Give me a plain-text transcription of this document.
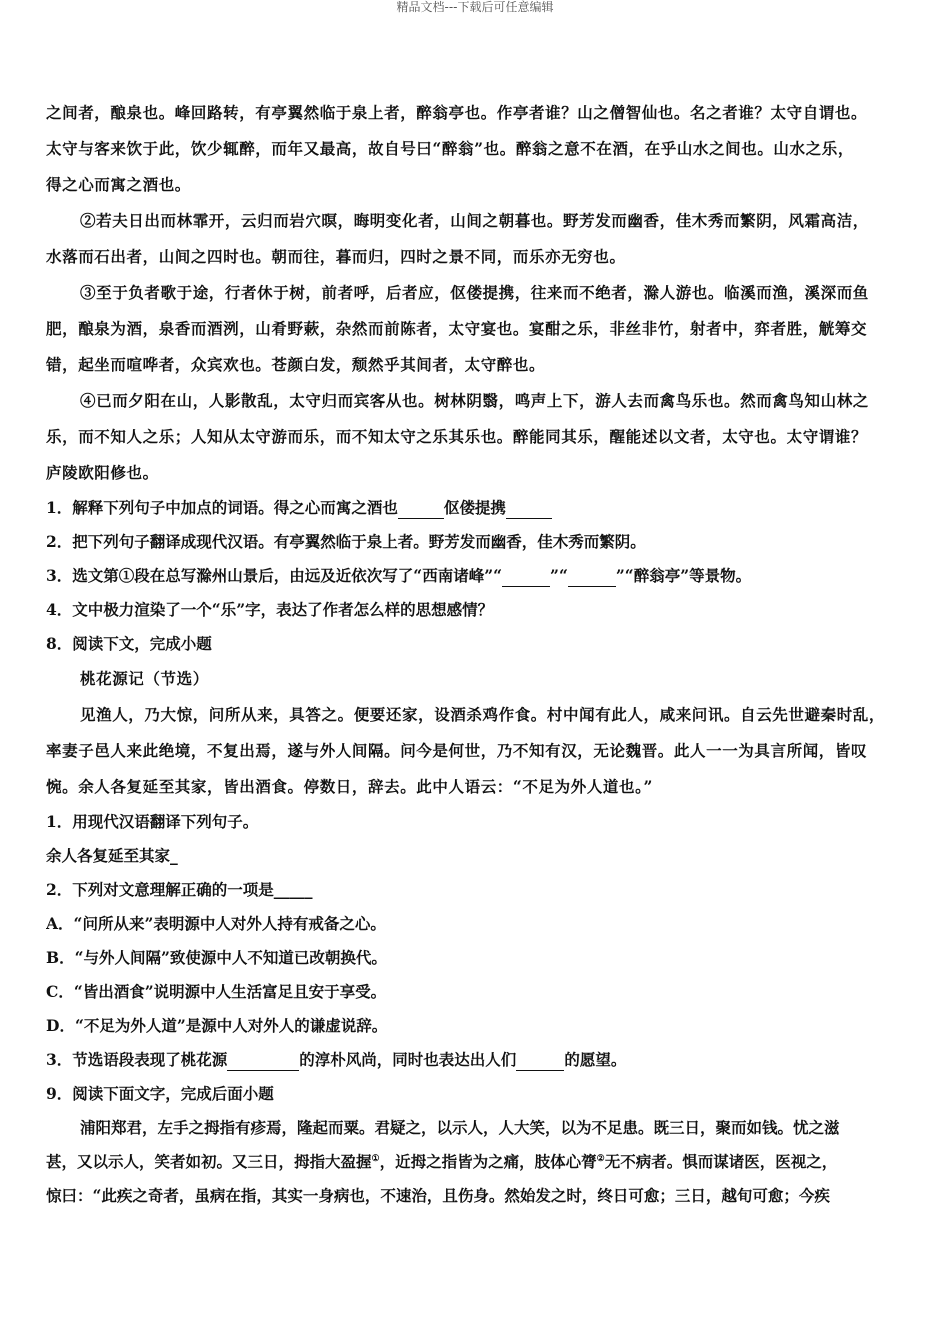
精品文档---下载后可任意编辑
之间者，酿泉也。峰回路转，有亭翼然临于泉上者，醉翁亭也。作亭者谁？山之僧智仙也。名之者谁？太守自谓也。
太守与客来饮于此，饮少辄醉，而年又最高，故自号曰“醉翁”也。醉翁之意不在酒，在乎山水之间也。山水之乐，
得之心而寓之酒也。
②若夫日出而林霏开，云归而岩穴暝，晦明变化者，山间之朝暮也。野芳发而幽香，佳木秀而繁阴，风霜高洁，
水落而石出者，山间之四时也。朝而往，暮而归，四时之景不同，而乐亦无穷也。
③至于负者歌于途，行者休于树，前者呼，后者应，伛偻提携，往来而不绝者，滁人游也。临溪而渔，溪深而鱼
肥，酿泉为酒，泉香而酒洌，山肴野蔌，杂然而前陈者，太守宴也。宴酣之乐，非丝非竹，射者中，弈者胜，觥筹交
错，起坐而喧哗者，众宾欢也。苍颜白发，颓然乎其间者，太守醉也。
④已而夕阳在山，人影散乱，太守归而宾客从也。树林阴翳，鸣声上下，游人去而禽鸟乐也。然而禽鸟知山林之
乐，而不知人之乐；人知从太守游而乐，而不知太守之乐其乐也。醉能同其乐，醒能述以文者，太守也。太守谓谁？
庐陵欧阳修也。
1．解释下列句子中加点的词语。得之心而寓之酒也	伛偻提携
2．把下列句子翻译成现代汉语。有亭翼然临于泉上者。野芳发而幽香，佳木秀而繁阴。
3．选文第①段在总写滁州山景后，由远及近依次写了“西南诸峰”“	”“	”“醉翁亭”等景物。
4．文中极力渲染了一个“乐”字，表达了作者怎么样的思想感情？
8．阅读下文，完成小题
桃花源记（节选）
见渔人，乃大惊，问所从来，具答之。便要还家，设酒杀鸡作食。村中闻有此人，咸来问讯。自云先世避秦时乱，
率妻子邑人来此绝境，不复出焉，遂与外人间隔。问今是何世，乃不知有汉，无论魏晋。此人一一为具言所闻，皆叹
惋。余人各复延至其家，皆出酒食。停数日，辞去。此中人语云：“不足为外人道也。”
1．用现代汉语翻译下列句子。
余人各复延至其家_
2．下列对文意理解正确的一项是_____
A．“问所从来”表明源中人对外人持有戒备之心。
B．“与外人间隔”致使源中人不知道已改朝换代。
C．“皆出酒食”说明源中人生活富足且安于享受。
D．“不足为外人道”是源中人对外人的谦虚说辞。
3．节选语段表现了桃花源	的淳朴风尚，同时也表达出人们	的愿望。
9．阅读下面文字，完成后面小题
浦阳郑君，左手之拇指有疹焉，隆起而粟。君疑之，以示人，人大笑，以为不足患。既三日，聚而如钱。忧之滋
甚，又以示人，笑者如初。又三日，拇指大盈握①，近拇之指皆为之痛，肢体心膂②无不病者。惧而谋诸医，医视之，
惊曰：“此疾之奇者，虽病在指，其实一身病也，不速治，且伤身。然始发之时，终日可愈；三日，越旬可愈；今疾
